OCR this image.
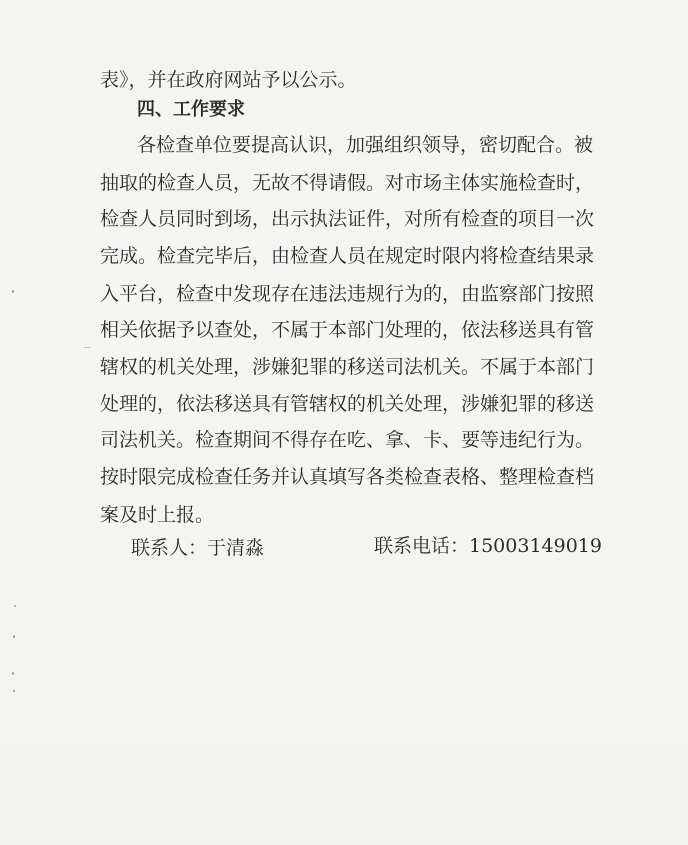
表》，并在政府网站予以公示。
四、工作要求
各检查单位要提高认识，加强组织领导，密切配合。被
抽取的检查人员，无故不得请假。对市场主体实施检查时，
检查人员同时到场，出示执法证件，对所有检查的项目一次
完成。检查完毕后，由检查人员在规定时限内将检查结果录
入平台，检查中发现存在违法违规行为的，由监察部门按照
相关依据予以查处，不属于本部门处理的，依法移送具有管
辖权的机关处理，涉嫌犯罪的移送司法机关。不属于本部门
处理的，依法移送具有管辖权的机关处理，涉嫌犯罪的移送
司法机关。检查期间不得存在吃、拿、卡、要等违纪行为。
按时限完成检查任务并认真填写各类检查表格、整理检查档
案及时上报。
联系人：于清淼	联系电话：15003149019
